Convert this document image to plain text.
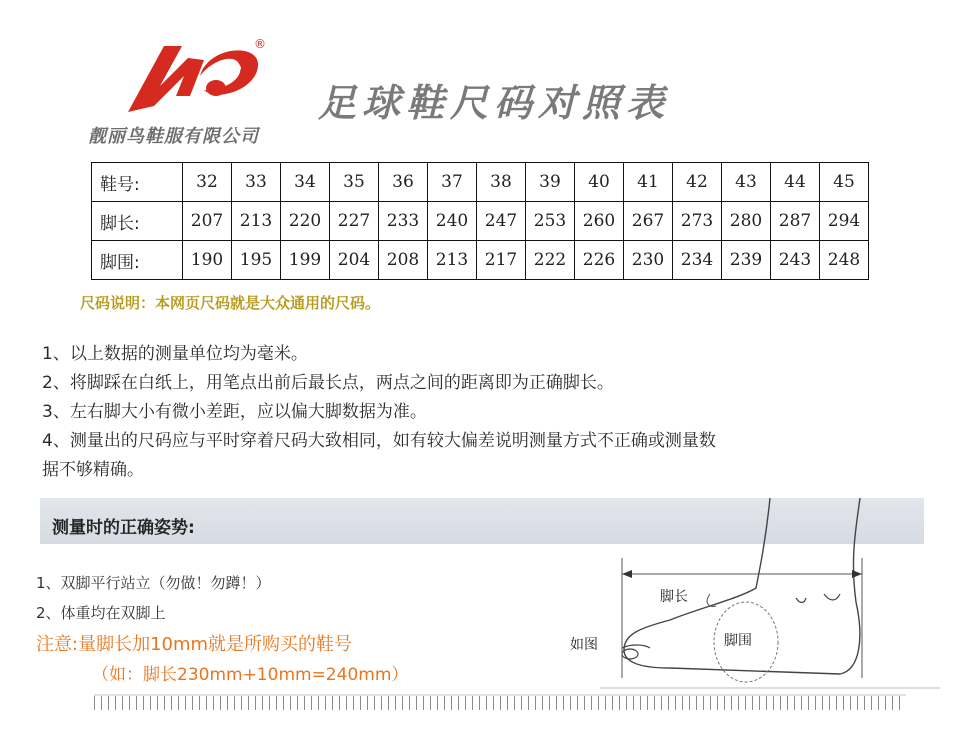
®
靓丽鸟鞋服有限公司
足球鞋尺码对照表
鞋号:	32	33	34	35	36	37	38	39	40	41	42	43	44	45
脚长:	207	213	220	227	233	240	247	253	260	267	273	280	287	294
脚围:	190	195	199	204	208	213	217	222	226	230	234	239	243	248
尺码说明：本网页尺码就是大众通用的尺码。
1、以上数据的测量单位均为毫米。
2、将脚踩在白纸上，用笔点出前后最长点，两点之间的距离即为正确脚长。
3、左右脚大小有微小差距，应以偏大脚数据为准。
4、测量出的尺码应与平时穿着尺码大致相同，如有较大偏差说明测量方式不正确或测量数
据不够精确。
测量时的正确姿势:
1、双脚平行站立（勿做！勿蹲！）
2、体重均在双脚上
注意:量脚长加10mm就是所购买的鞋号
（如：脚长230mm+10mm=240mm）
脚长
脚围
如图
